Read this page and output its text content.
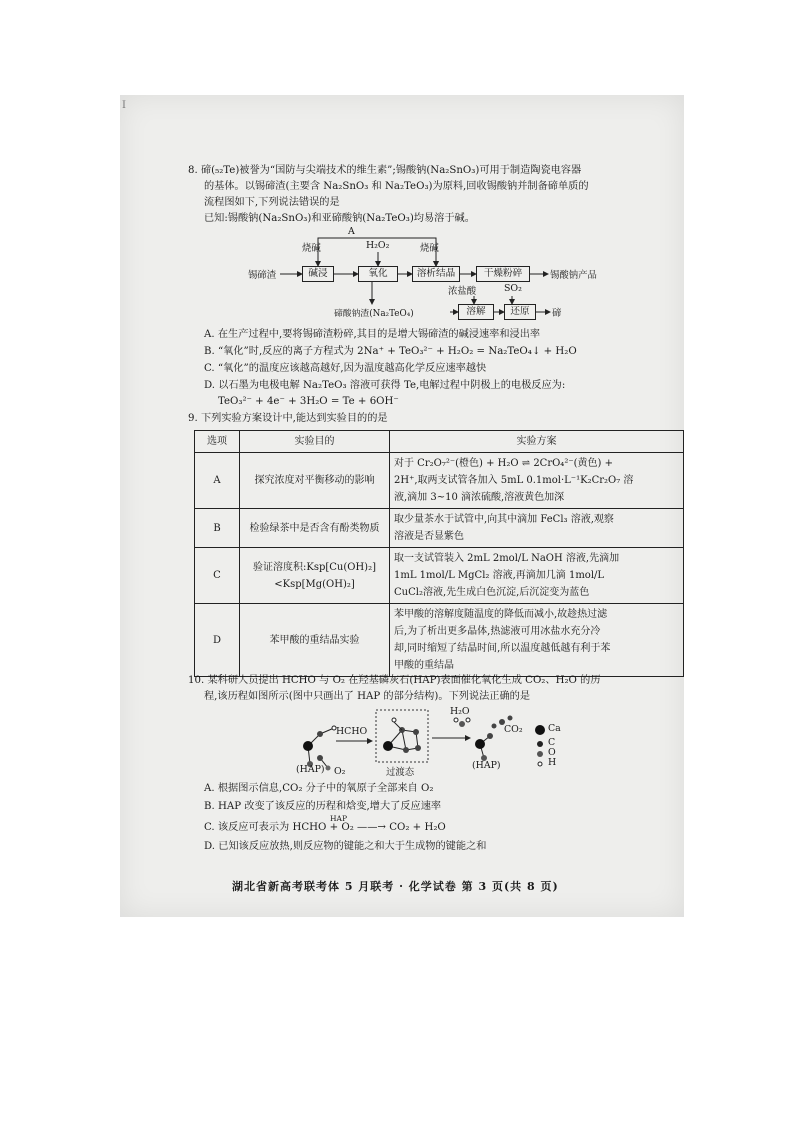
I
8. 碲(₅₂Te)被誉为“国防与尖端技术的维生素”;锡酸钠(Na₂SnO₃)可用于制造陶瓷电容器
的基体。以锡碲渣(主要含 Na₂SnO₃ 和 Na₂TeO₃)为原料,回收锡酸钠并制备碲单质的
流程图如下,下列说法错误的是
已知:锡酸钠(Na₂SnO₃)和亚碲酸钠(Na₂TeO₃)均易溶于碱。
A
烧碱	H₂O₂	烧碱
锡碲渣	碱浸	氧化	溶析结晶	干燥粉碎	锡酸钠产品
浓盐酸	SO₂
碲酸钠渣(Na₂TeO₄)	溶解	还原	碲
A. 在生产过程中,要将锡碲渣粉碎,其目的是增大锡碲渣的碱浸速率和浸出率
B. “氧化”时,反应的离子方程式为 2Na⁺ + TeO₃²⁻ + H₂O₂ = Na₂TeO₄↓ + H₂O
C. “氧化”的温度应该越高越好,因为温度越高化学反应速率越快
D. 以石墨为电极电解 Na₂TeO₃ 溶液可获得 Te,电解过程中阴极上的电极反应为:
TeO₃²⁻ + 4e⁻ + 3H₂O = Te + 6OH⁻
9. 下列实验方案设计中,能达到实验目的的是
选项	实验目的	实验方案
A	探究浓度对平衡移动的影响	对于 Cr₂O₇²⁻(橙色) + H₂O ⇌ 2CrO₄²⁻(黄色) +
2H⁺,取两支试管各加入 5mL 0.1mol·L⁻¹K₂Cr₂O₇ 溶
液,滴加 3~10 滴浓硫酸,溶液黄色加深

B	检验绿茶中是否含有酚类物质	取少量茶水于试管中,向其中滴加 FeCl₃ 溶液,观察
溶液是否显紫色

C	验证溶度积:Ksp[Cu(OH)₂] <Ksp[Mg(OH)₂]	取一支试管装入 2mL 2mol/L NaOH 溶液,先滴加
1mL 1mol/L MgCl₂ 溶液,再滴加几滴 1mol/L
CuCl₂溶液,先生成白色沉淀,后沉淀变为蓝色

D	苯甲酸的重结晶实验	苯甲酸的溶解度随温度的降低而减小,故趁热过滤
后,为了析出更多晶体,热滤液可用冰盐水充分冷
却,同时缩短了结晶时间,所以温度越低越有利于苯
甲酸的重结晶
10. 某科研人员提出 HCHO 与 O₂ 在羟基磷灰石(HAP)表面催化氧化生成 CO₂、H₂O 的历
程,该历程如图所示(图中只画出了 HAP 的部分结构)。下列说法正确的是
HCHO
(HAP) O₂	过渡态
H₂O
CO₂
(HAP)
Ca
C
O
H
A. 根据图示信息,CO₂ 分子中的氧原子全部来自 O₂
B. HAP 改变了该反应的历程和焓变,增大了反应速率
HAP
C. 该反应可表示为 HCHO + O₂ ——→ CO₂ + H₂O
D. 已知该反应放热,则反应物的键能之和大于生成物的键能之和
湖北省新高考联考体 5 月联考 · 化学试卷 第 3 页(共 8 页)
